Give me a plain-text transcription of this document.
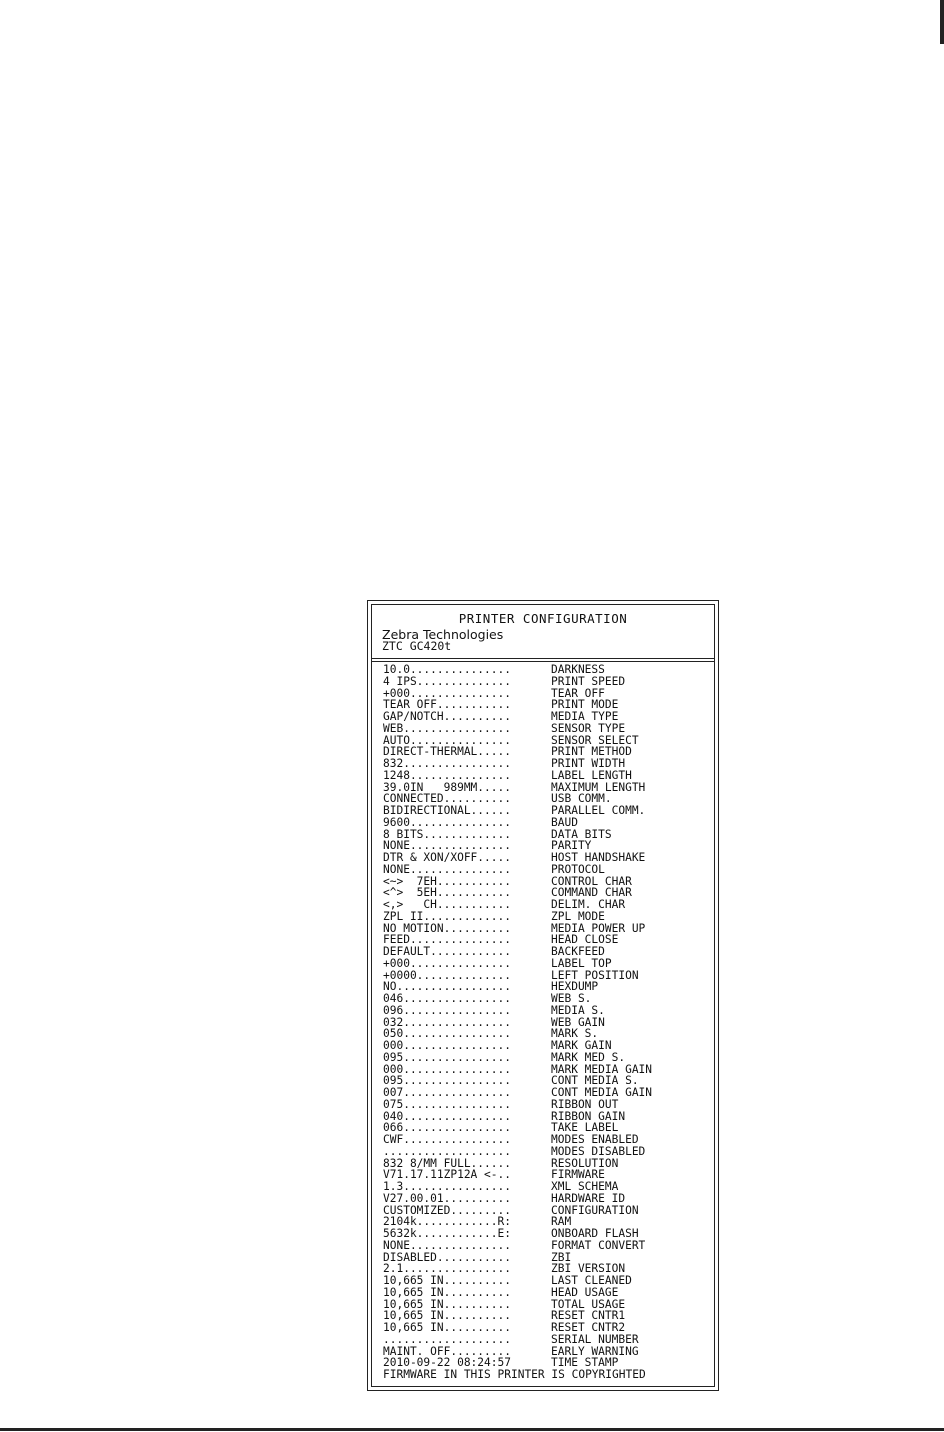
PRINTER CONFIGURATION
Zebra Technologies
ZTC GC420t
10.0...............	DARKNESS
4 IPS..............	PRINT SPEED
+000...............	TEAR OFF
TEAR OFF...........	PRINT MODE
GAP/NOTCH..........	MEDIA TYPE
WEB................	SENSOR TYPE
AUTO...............	SENSOR SELECT
DIRECT-THERMAL.....	PRINT METHOD
832................	PRINT WIDTH
1248...............	LABEL LENGTH
39.0IN   989MM.....	MAXIMUM LENGTH
CONNECTED..........	USB COMM.
BIDIRECTIONAL......	PARALLEL COMM.
9600...............	BAUD
8 BITS.............	DATA BITS
NONE...............	PARITY
DTR & XON/XOFF.....	HOST HANDSHAKE
NONE...............	PROTOCOL
<~>  7EH...........	CONTROL CHAR
<^>  5EH...........	COMMAND CHAR
<,>   CH...........	DELIM. CHAR
ZPL II.............	ZPL MODE
NO MOTION..........	MEDIA POWER UP
FEED...............	HEAD CLOSE
DEFAULT............	BACKFEED
+000...............	LABEL TOP
+0000..............	LEFT POSITION
NO.................	HEXDUMP
046................	WEB S.
096................	MEDIA S.
032................	WEB GAIN
050................	MARK S.
000................	MARK GAIN
095................	MARK MED S.
000................	MARK MEDIA GAIN
095................	CONT MEDIA S.
007................	CONT MEDIA GAIN
075................	RIBBON OUT
040................	RIBBON GAIN
066................	TAKE LABEL
CWF................	MODES ENABLED
...................	MODES DISABLED
832 8/MM FULL......	RESOLUTION
V71.17.11ZP12A <-..	FIRMWARE
1.3................	XML SCHEMA
V27.00.01..........	HARDWARE ID
CUSTOMIZED.........	CONFIGURATION
2104k............R:	RAM
5632k............E:	ONBOARD FLASH
NONE...............	FORMAT CONVERT
DISABLED...........	ZBI
2.1................	ZBI VERSION
10,665 IN..........	LAST CLEANED
10,665 IN..........	HEAD USAGE
10,665 IN..........	TOTAL USAGE
10,665 IN..........	RESET CNTR1
10,665 IN..........	RESET CNTR2
...................	SERIAL NUMBER
MAINT. OFF.........	EARLY WARNING
2010-09-22 08:24:57	TIME STAMP
FIRMWARE IN THIS PRINTER IS COPYRIGHTED
